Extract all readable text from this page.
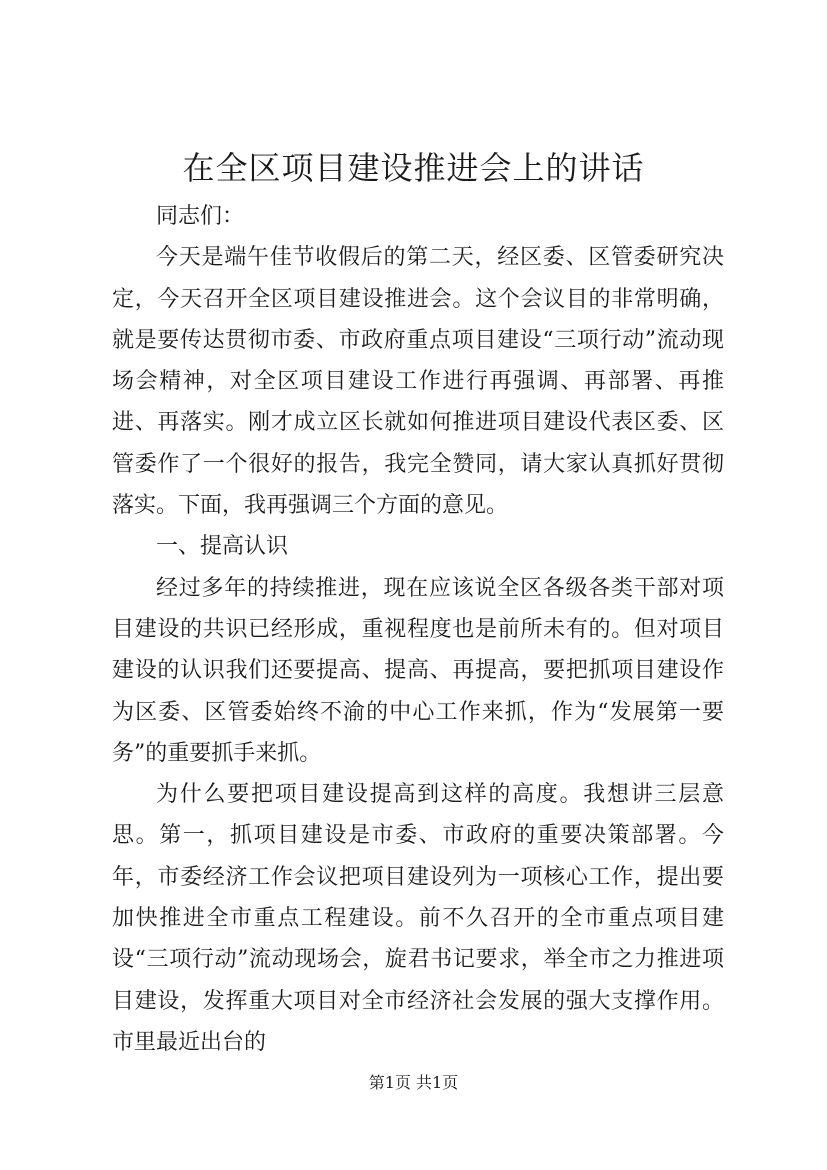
在全区项目建设推进会上的讲话

同志们：

今天是端午佳节收假后的第二天，经区委、区管委研究决定，今天召开全区项目建设推进会。这个会议目的非常明确，就是要传达贯彻市委、市政府重点项目建设“三项行动”流动现场会精神，对全区项目建设工作进行再强调、再部署、再推进、再落实。刚才成立区长就如何推进项目建设代表区委、区管委作了一个很好的报告，我完全赞同，请大家认真抓好贯彻落实。下面，我再强调三个方面的意见。

一、提高认识

经过多年的持续推进，现在应该说全区各级各类干部对项目建设的共识已经形成，重视程度也是前所未有的。但对项目建设的认识我们还要提高、提高、再提高，要把抓项目建设作为区委、区管委始终不渝的中心工作来抓，作为“发展第一要务”的重要抓手来抓。

为什么要把项目建设提高到这样的高度。我想讲三层意思。第一，抓项目建设是市委、市政府的重要决策部署。今年，市委经济工作会议把项目建设列为一项核心工作，提出要加快推进全市重点工程建设。前不久召开的全市重点项目建设“三项行动”流动现场会，旋君书记要求，举全市之力推进项目建设，发挥重大项目对全市经济社会发展的强大支撑作用。市里最近出台的

第1页 共1页
